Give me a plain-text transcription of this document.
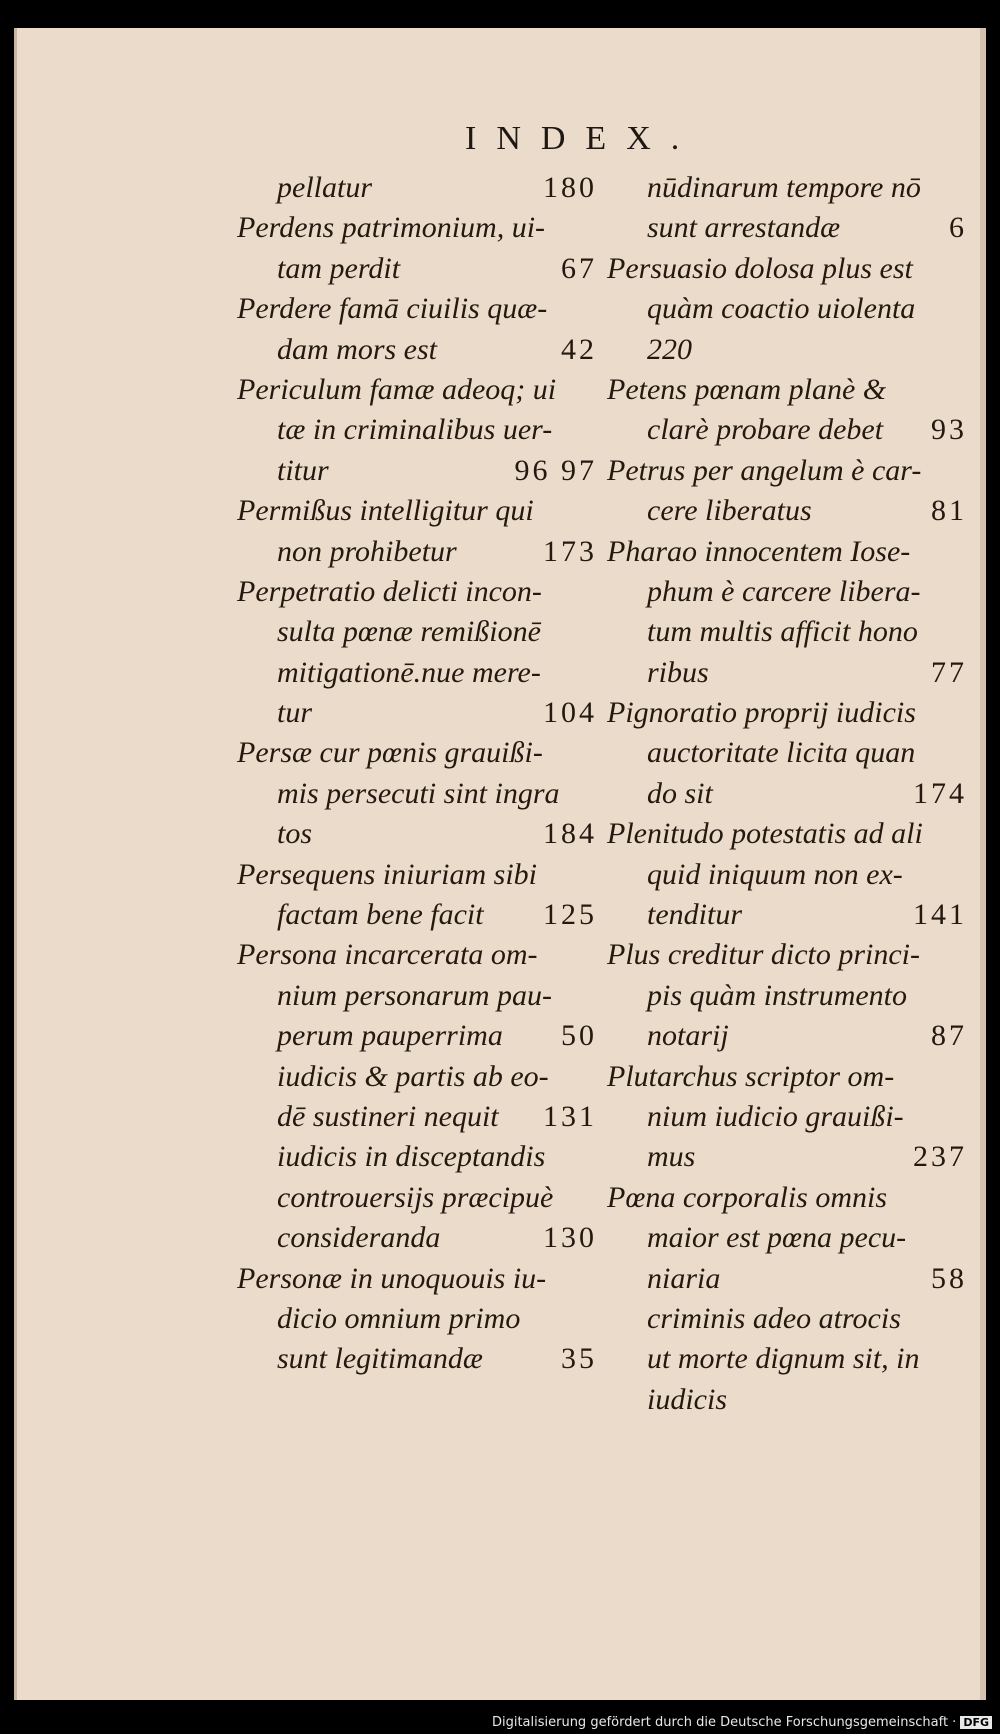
INDEX.
pellatur	180
Perdens patrimonium, ui-
tam perdit	67
Perdere famā ciuilis quæ-
dam mors est	42
Periculum famæ adeoq; ui
tæ in criminalibus uer-
titur	96 97
Permißus intelligitur qui
non prohibetur	173
Perpetratio delicti incon-
sulta pœnæ remißionē
mitigationē.nue mere-
tur	104
Persæ cur pœnis grauißi-
mis persecuti sint ingra
tos	184
Persequens iniuriam sibi
factam bene facit 125
Persona incarcerata om-
nium personarum pau-
perum pauperrima 50
iudicis & partis ab eo-
dē sustineri nequit 131
iudicis in disceptandis
controuersijs præcipuè
consideranda	130
Personæ in unoquouis iu-
dicio omnium primo
sunt legitimandæ	35
nūdinarum tempore nō
sunt arrestandæ	6
Persuasio dolosa plus est
quàm coactio uiolenta
220
Petens pœnam planè &
clarè probare debet 93
Petrus per angelum è car-
cere liberatus	81
Pharao innocentem Iose-
phum è carcere libera-
tum multis afficit hono
ribus	77
Pignoratio proprij iudicis
auctoritate licita quan
do sit	174
Plenitudo potestatis ad ali
quid iniquum non ex-
tenditur	141
Plus creditur dicto princi-
pis quàm instrumento
notarij	87
Plutarchus scriptor om-
nium iudicio grauißi-
mus	237
Pœna corporalis omnis
maior est pœna pecu-
niaria	58
criminis adeo atrocis
ut morte dignum sit, in
iudicis
Digitalisierung gefördert durch die Deutsche Forschungsgemeinschaft · DFG
